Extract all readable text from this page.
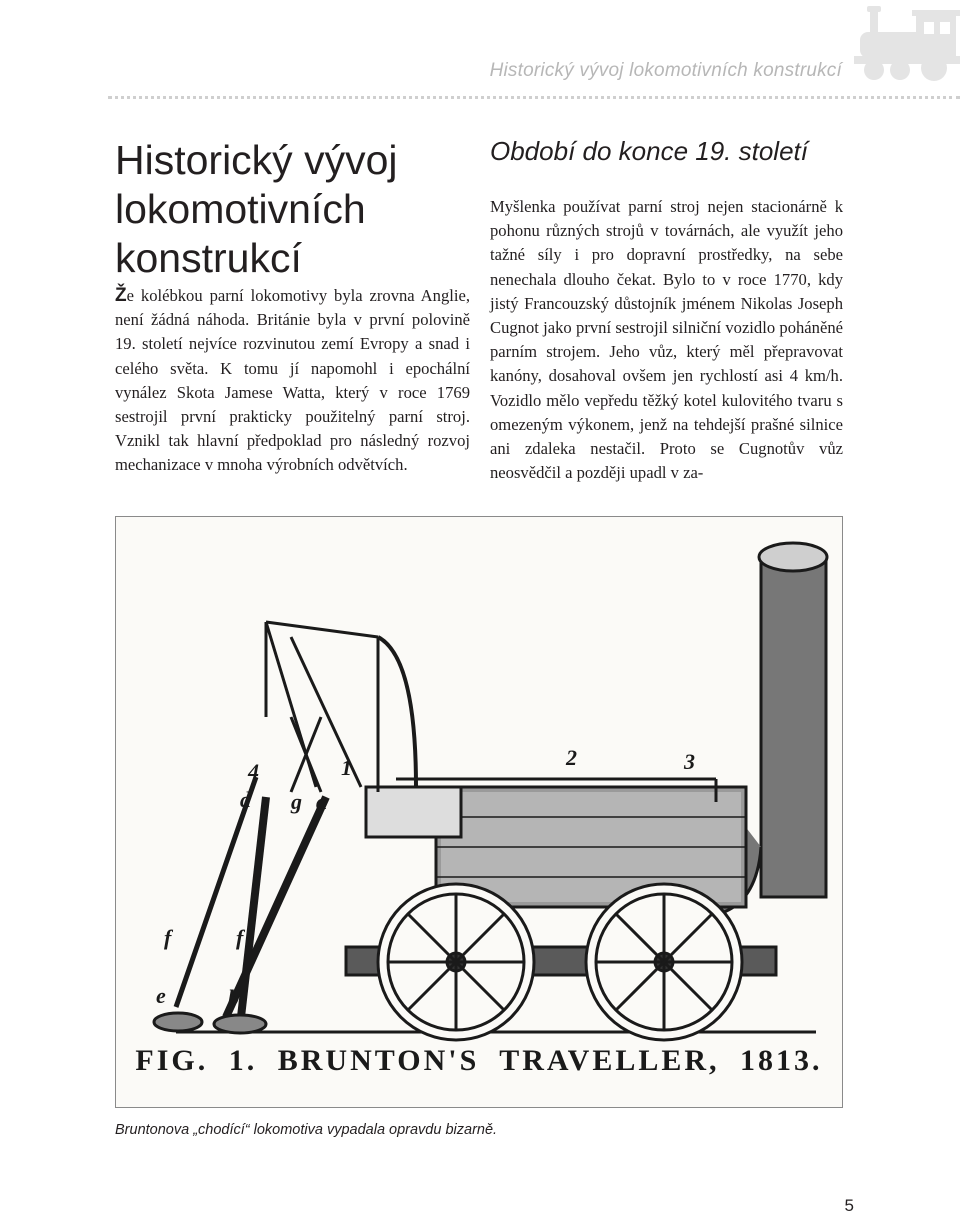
Historický vývoj lokomotivních konstrukcí
Historický vývoj lokomotivních konstrukcí

Že kolébkou parní lokomotivy byla zrovna Anglie, není žádná náhoda. Británie byla v první polovině 19. století nejvíce rozvinutou zemí Evropy a snad i celého světa. K tomu jí napomohl i epochální vynález Skota Jamese Watta, který v roce 1769 sestrojil první prakticky použitelný parní stroj. Vznikl tak hlavní předpoklad pro následný rozvoj mechanizace v mnoha výrobních odvětvích.

Období do konce 19. století

Myšlenka používat parní stroj nejen stacionárně k pohonu různých strojů v továrnách, ale využít jeho tažné síly i pro dopravní prostředky, na sebe nenechala dlouho čekat. Bylo to v roce 1770, kdy jistý Francouzský důstojník jménem Nikolas Joseph Cugnot jako první sestrojil silniční vozidlo poháněné parním strojem. Jeho vůz, který měl přepravovat kanóny, dosahoval ovšem jen rychlostí asi 4 km/h. Vozidlo mělo vepředu těžký kotel kulovitého tvaru s omezeným výkonem, jenž na tehdejší prašné silnice ani zdaleka nestačil. Proto se Cugnotův vůz neosvědčil a později upadl v za-

4	1	2	3
d g a
f	f
e	b
FIG. 1. BRUNTON'S TRAVELLER, 1813.
Bruntonova „chodící“ lokomotiva vypadala opravdu bizarně.
5
